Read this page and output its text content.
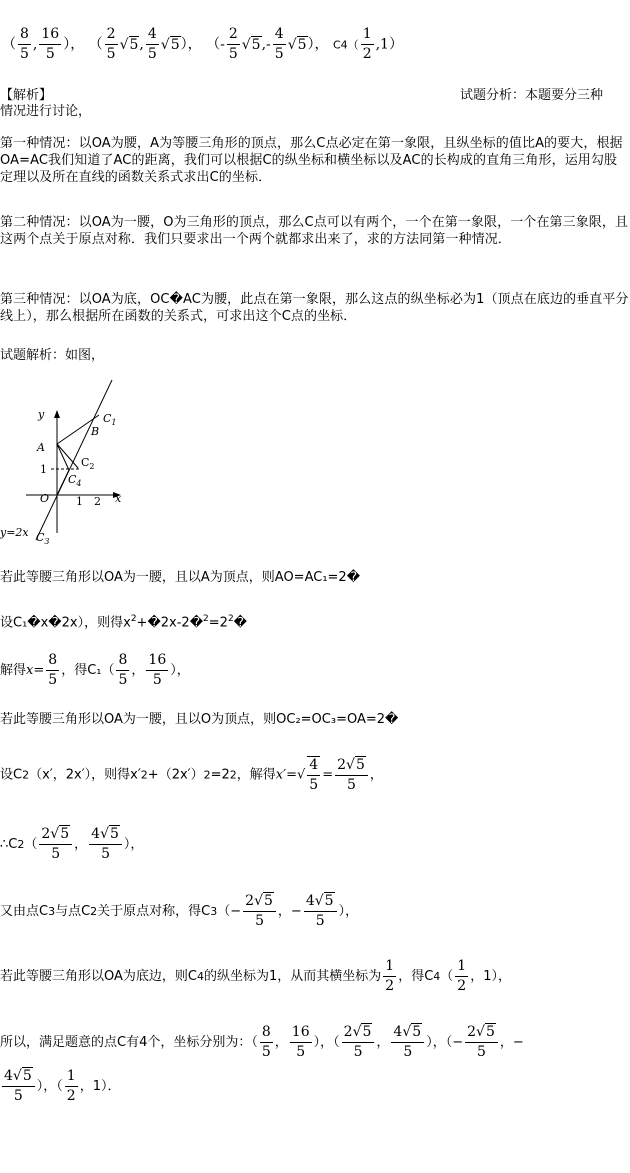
（ $\frac{8}{5}$ , $\frac{16}{5}$ ）， （ $\frac{2}{5} √5$, $\frac{4}{5} √5$）， （- $\frac{2}{5} √5,- \frac{4}{5} √5$）， $C4( \frac{1}{2} ,1)$
【解析】	试题分析：本题要分三种
情况进行讨论，
第一种情况：以OA为腰，A为等腰三角形的顶点，那么C点必定在第一象限，且纵坐标的值比A的要大，根据OA=AC我们知道了AC的距离，我们可以根据C的纵坐标和横坐标以及AC的长构成的直角三角形，运用勾股定理以及所在直线的函数关系式求出C的坐标．
第二种情况：以OA为一腰，O为三角形的顶点，那么C点可以有两个，一个在第一象限，一个在第三象限，且这两个点关于原点对称．我们只要求出一个两个就都求出来了，求的方法同第一种情况．
第三种情况：以OA为底，OC�AC为腰，此点在第一象限，那么这点的纵坐标必为1（顶点在底边的垂直平分线上），那么根据所在函数的关系式，可求出这个C点的坐标．
试题解析：如图，
y
A
B
$C_1$
1
$C_2$
$C_4$
O 1 2 x
y=2x $C_3$
若此等腰三角形以OA为一腰，且以A为顶点，则AO=AC₁=2�
设C₁�x�2x），则得$x^2+�2x-2�^2=2^2�$
解得$x= \frac{8}{5}$ ，得$C_1( \frac{8}{5}$ ， $\frac{16}{5}$ ），
若此等腰三角形以OA为一腰，且以O为顶点，则OC₂=OC₃=OA=2�
设C2（x′，2x′），则得x′2+（2x′）2=22，解得$x'=√ \frac{4}{5} = \frac{2√5}{5}$ ，
∴C2（ $\frac{2√5}{5}$ ， $\frac{4√5}{5}$ ），
又由点C3与点C2关于原点对称，得$C3(- \frac{2√5}{5}$ ，− $\frac{4√5}{5}$ ），
若此等腰三角形以OA为底边，则C4的纵坐标为1，从而其横坐标为 $\frac{1}{2}$ ，得$C4( \frac{1}{2}$ ，1），
所以，满足题意的点C有4个，坐标分别为：（ $\frac{8}{5}$ ， $\frac{16}{5}$ ），（ $\frac{2√5}{5}$ ， $\frac{4√5}{5}$ ），（− $\frac{2√5}{5}$ ，−
$\frac{4√5}{5}$ ），（ $\frac{1}{2}$ ，1）．
